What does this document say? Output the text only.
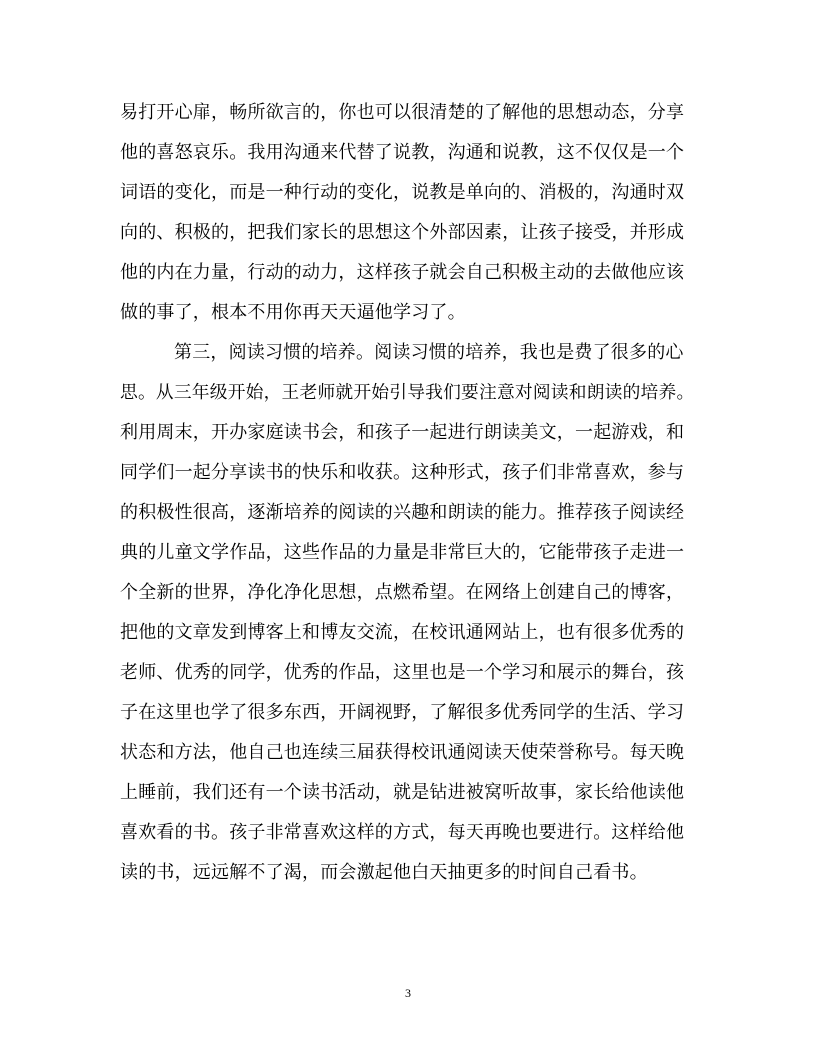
易打开心扉，畅所欲言的，你也可以很清楚的了解他的思想动态，分享
他的喜怒哀乐。我用沟通来代替了说教，沟通和说教，这不仅仅是一个
词语的变化，而是一种行动的变化，说教是单向的、消极的，沟通时双
向的、积极的，把我们家长的思想这个外部因素，让孩子接受，并形成
他的内在力量，行动的动力，这样孩子就会自己积极主动的去做他应该
做的事了，根本不用你再天天逼他学习了。
第三，阅读习惯的培养。阅读习惯的培养，我也是费了很多的心
思。从三年级开始，王老师就开始引导我们要注意对阅读和朗读的培养。
利用周末，开办家庭读书会，和孩子一起进行朗读美文，一起游戏，和
同学们一起分享读书的快乐和收获。这种形式，孩子们非常喜欢，参与
的积极性很高，逐渐培养的阅读的兴趣和朗读的能力。推荐孩子阅读经
典的儿童文学作品，这些作品的力量是非常巨大的，它能带孩子走进一
个全新的世界，净化净化思想，点燃希望。在网络上创建自己的博客，
把他的文章发到博客上和博友交流，在校讯通网站上，也有很多优秀的
老师、优秀的同学，优秀的作品，这里也是一个学习和展示的舞台，孩
子在这里也学了很多东西，开阔视野，了解很多优秀同学的生活、学习
状态和方法，他自己也连续三届获得校讯通阅读天使荣誉称号。每天晚
上睡前，我们还有一个读书活动，就是钻进被窝听故事，家长给他读他
喜欢看的书。孩子非常喜欢这样的方式，每天再晚也要进行。这样给他
读的书，远远解不了渴，而会激起他白天抽更多的时间自己看书。
3
